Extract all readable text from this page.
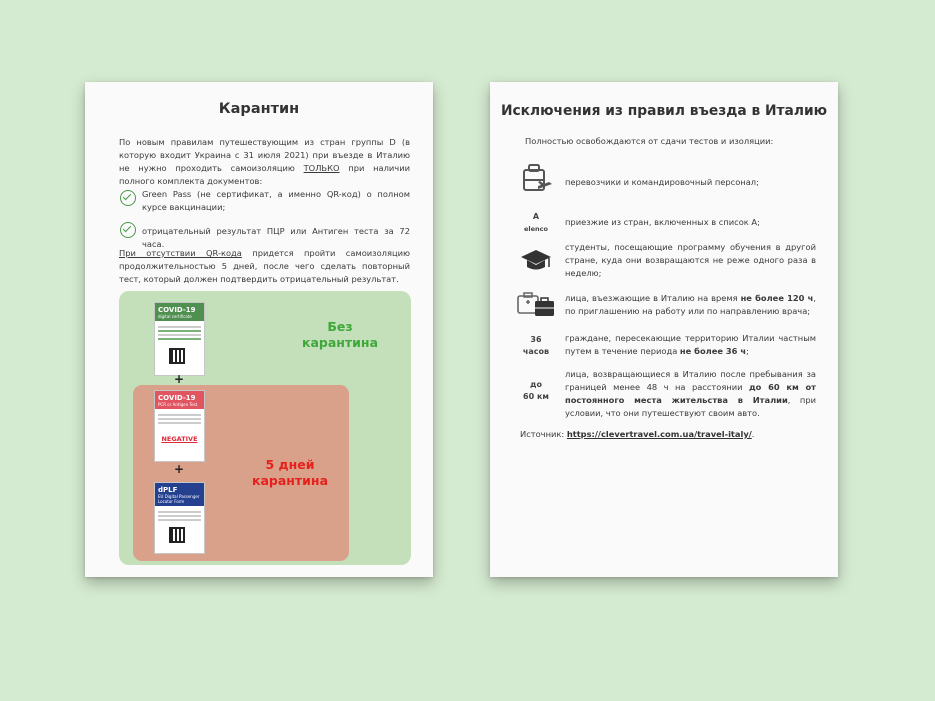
Карантин
По новым правилам путешествующим из стран группы D (в которую входит Украина с 31 июля 2021) при въезде в Италию не нужно проходить самоизоляцию ТОЛЬКО при наличии полного комплекта документов:
Green Pass (не сертификат, а именно QR-код) о полном курсе вакцинации;
отрицательный результат ПЦР или Антиген теста за 72 часа.
При отсутствии QR-кода придется пройти самоизоляцию продолжительностью 5 дней, после чего сделать повторный тест, который должен подтвердить отрицательный результат.
COVID-19
digital certificate
+
COVID-19
PCR or Antigen Test
NEGATIVE
+
dPLF
EU Digital Passenger Locator Form
Без карантина
5 дней карантина
Исключения из правил въезда в Италию
Полностью освобождаются от сдачи тестов и изоляции:
перевозчики и командировочный персонал;
A
elenco
приезжие из стран, включенных в список А;
студенты, посещающие программу обучения в другой стране, куда они возвращаются не реже одного раза в неделю;
лица, въезжающие в Италию на время не более 120 ч, по приглашению на работу или по направлению врача;
36
часов
граждане, пересекающие территорию Италии частным путем в течение периода не более 36 ч;
до
60 км
лица, возвращающиеся в Италию после пребывания за границей менее 48 ч на расстоянии до 60 км от постоянного места жительства в Италии, при условии, что они путешествуют своим авто.
Источник: https://clevertravel.com.ua/travel-italy/.
